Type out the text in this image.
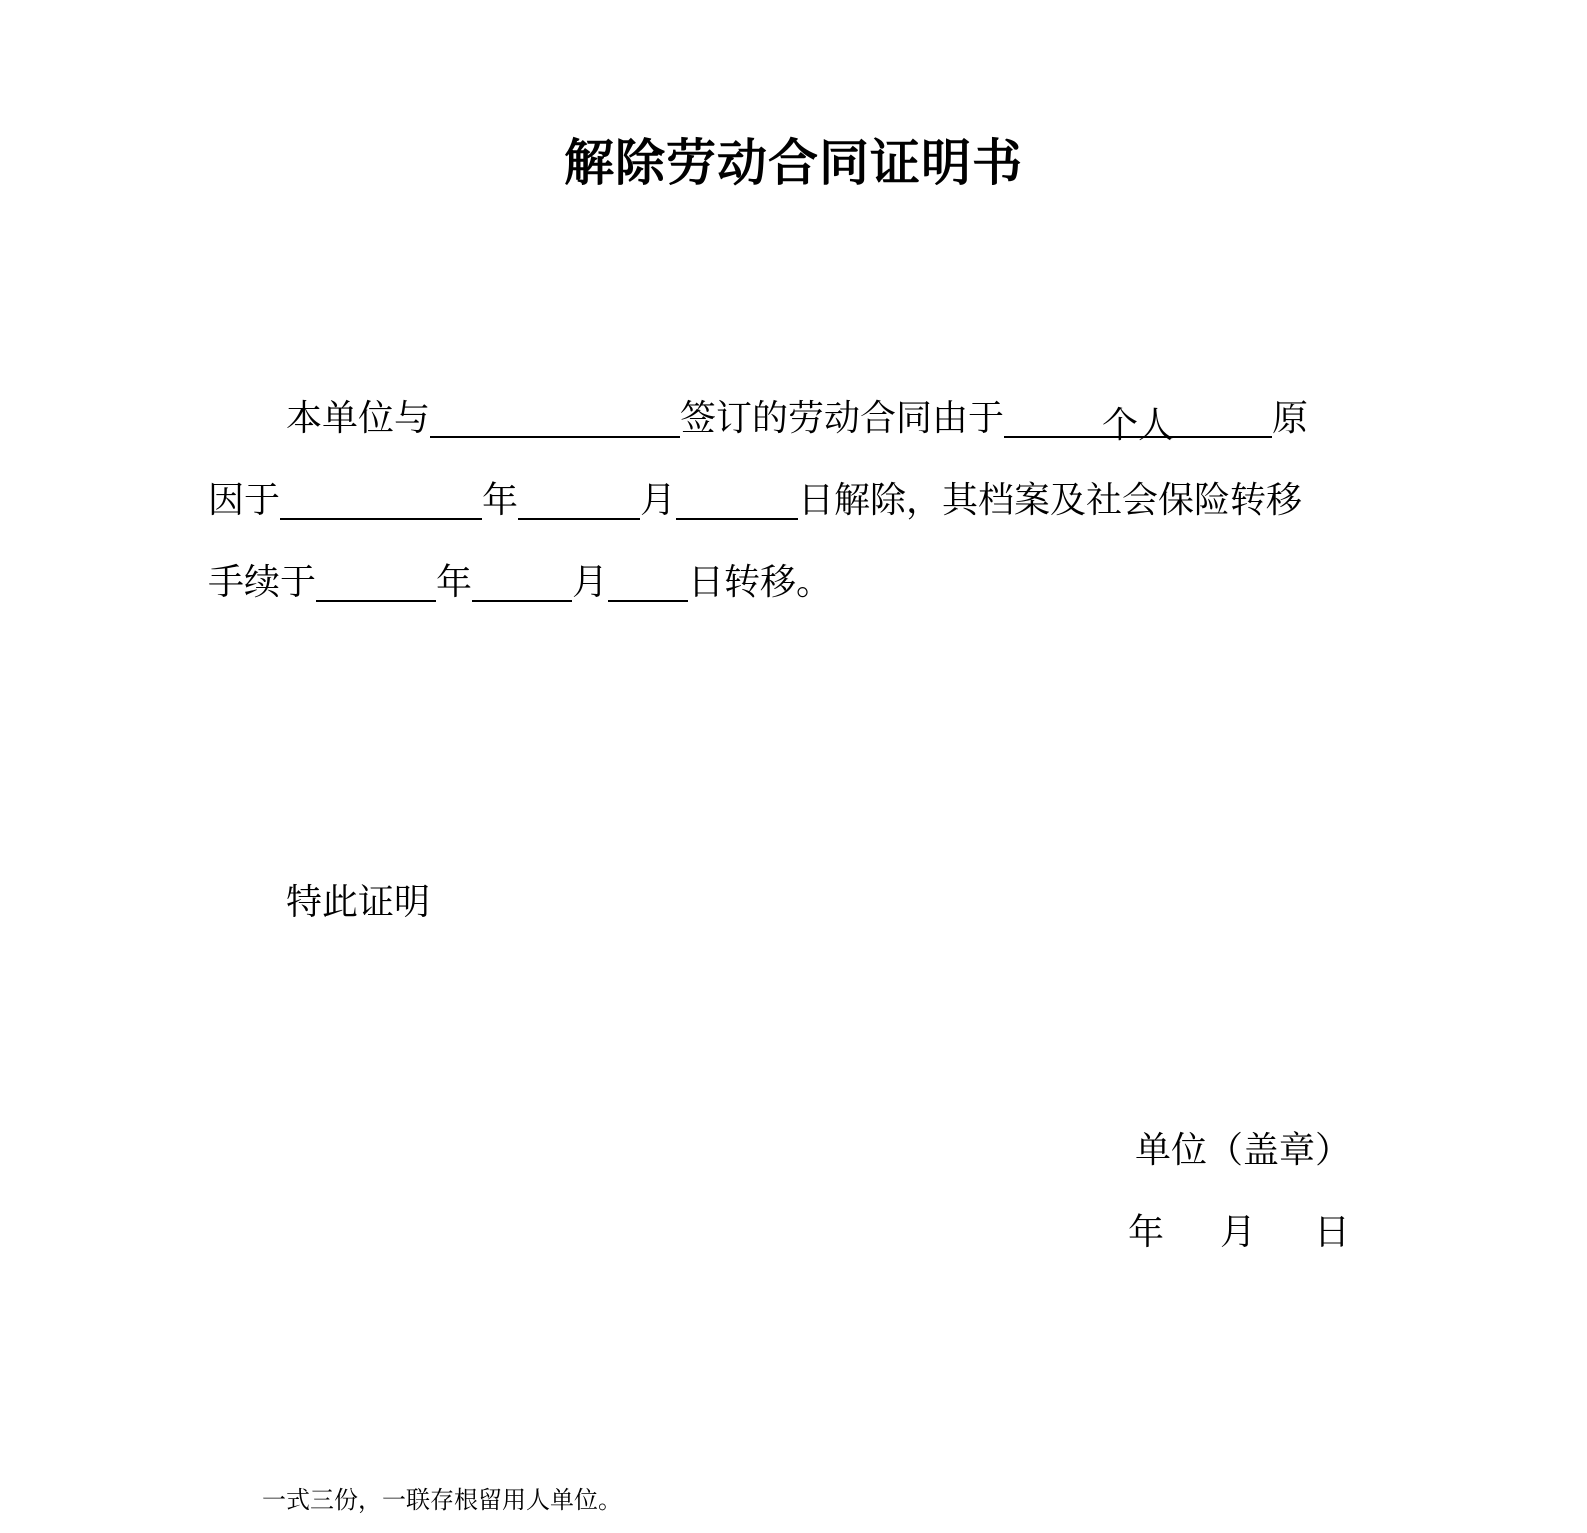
解除劳动合同证明书
本单位与	签订的劳动合同由于	个人	原
因于	年	月	日解除，其档案及社会保险转移
手续于	年	月 日转移。
特此证明
单位（盖章）
年 月 日
一式三份，一联存根留用人单位。
